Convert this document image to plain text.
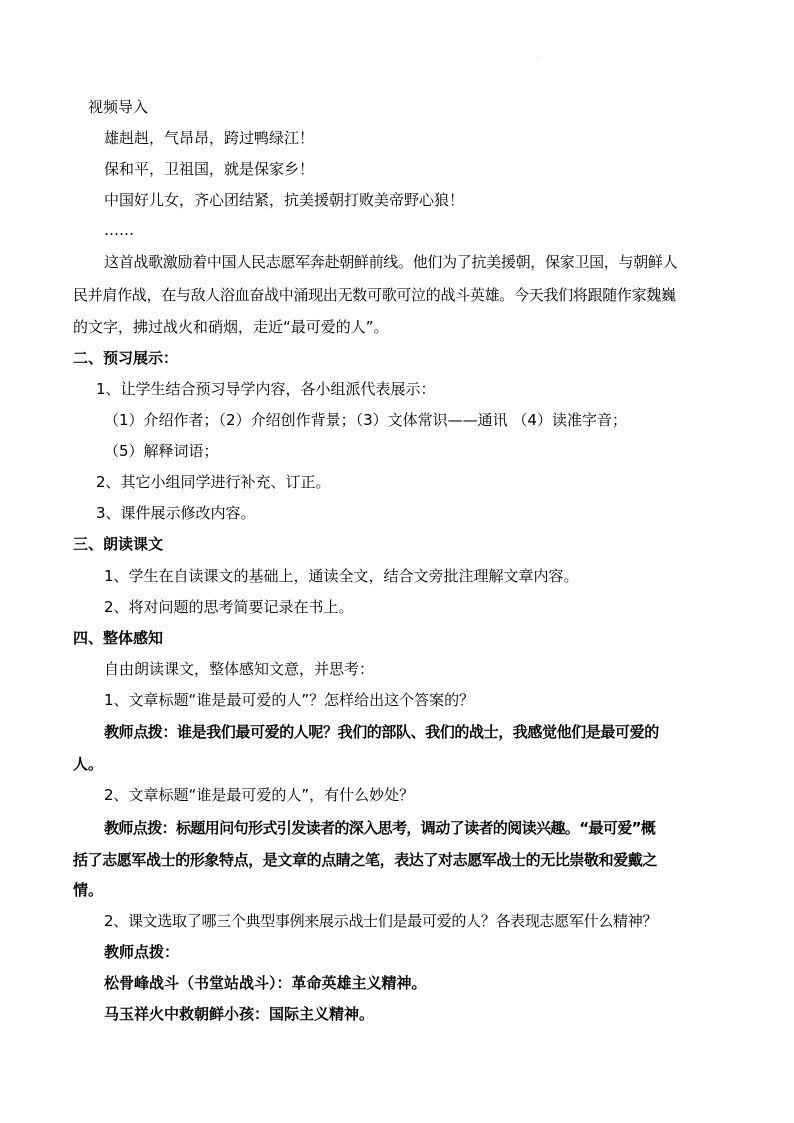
·
视频导入
雄赳赳，气昂昂，跨过鸭绿江！
保和平，卫祖国，就是保家乡！
中国好儿女，齐心团结紧，抗美援朝打败美帝野心狼！
……
这首战歌激励着中国人民志愿军奔赴朝鲜前线。他们为了抗美援朝，保家卫国，与朝鲜人
民并肩作战，在与敌人浴血奋战中涌现出无数可歌可泣的战斗英雄。今天我们将跟随作家魏巍
的文字，拂过战火和硝烟，走近“最可爱的人”。
二、预习展示：
1、让学生结合预习导学内容，各小组派代表展示：
（1）介绍作者；（2）介绍创作背景；（3）文体常识——通讯 （4）读准字音；
（5）解释词语；
2、其它小组同学进行补充、订正。
3、课件展示修改内容。
三、朗读课文
1、学生在自读课文的基础上，通读全文，结合文旁批注理解文章内容。
2、将对问题的思考简要记录在书上。
四、整体感知
自由朗读课文，整体感知文意，并思考：
1、文章标题“谁是最可爱的人”？怎样给出这个答案的？
教师点拨：谁是我们最可爱的人呢？我们的部队、我们的战士，我感觉他们是最可爱的
人。
2、文章标题“谁是最可爱的人”，有什么妙处？
教师点拨：标题用问句形式引发读者的深入思考，调动了读者的阅读兴趣。“最可爱”概
括了志愿军战士的形象特点，是文章的点睛之笔，表达了对志愿军战士的无比崇敬和爱戴之
情。
2、课文选取了哪三个典型事例来展示战士们是最可爱的人？各表现志愿军什么精神？
教师点拨：
松骨峰战斗（书堂站战斗）：革命英雄主义精神。
马玉祥火中救朝鲜小孩：国际主义精神。
